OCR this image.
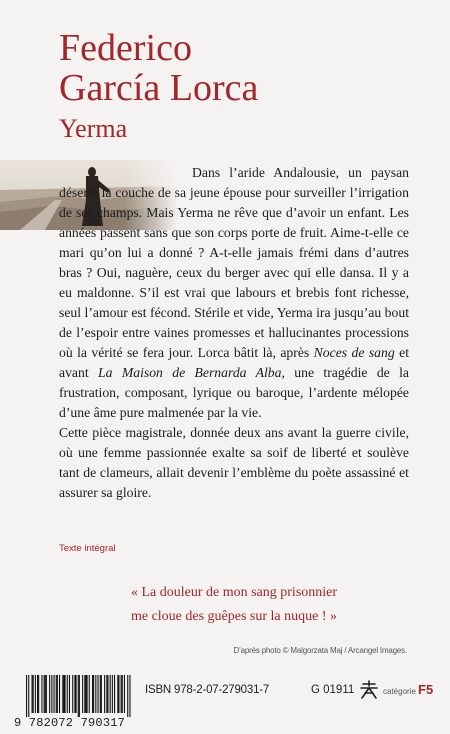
Federico
García Lorca
Yerma

Dans l’aride Andalousie, un paysan déserte la couche de sa jeune épouse pour surveiller l’irrigation de ses champs. Mais Yerma ne rêve que d’avoir un enfant. Les années passent sans que son corps porte de fruit. Aime-t-elle ce mari qu’on lui a donné ? A-t-elle jamais frémi dans d’autres bras ? Oui, naguère, ceux du berger avec qui elle dansa. Il y a eu maldonne. S’il est vrai que labours et brebis font richesse, seul l’amour est fécond. Stérile et vide, Yerma ira jusqu’au bout de l’espoir entre vaines promesses et hallucinantes processions où la vérité se fera jour. Lorca bâtit là, après Noces de sang et avant La Maison de Bernarda Alba, une tragédie de la frustration, composant, lyrique ou baroque, l’ardente mélopée d’une âme pure malmenée par la vie.

Cette pièce magistrale, donnée deux ans avant la guerre civile, où une femme passionnée exalte sa soif de liberté et soulève tant de clameurs, allait devenir l’emblème du poète assassiné et assurer sa gloire.

Texte intégral
« La douleur de mon sang prisonnier
me cloue des guêpes sur la nuque ! »
D’après photo © Malgorzata Maj / Arcangel Images.
9 782072 790317
ISBN 978-2-07-279031-7	G 01911	catégorie F5
